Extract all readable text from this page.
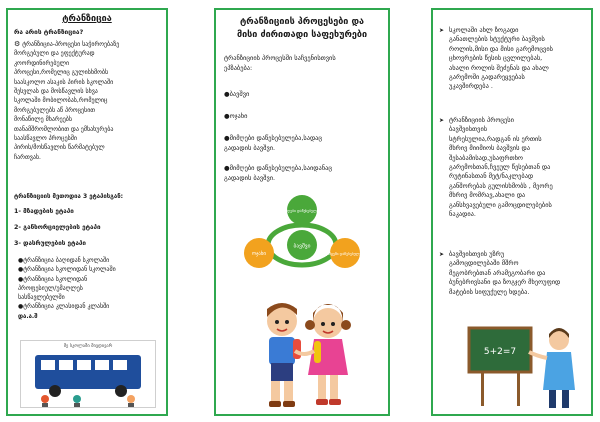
ტრანზიცია
რა არის ტრანზიცია?
⚙ ტრანზიცია-პროცესი საჭიროებაზე
მორგებული და ეფექტურად
კოორდინირებული
პროცესი,რომელიც გულისხმობს
საასკოლო ასაკის პირის სკოლაში
შესვლას და მოსწავლის სხვა
სკოლაში მობილობას,რომელიც
მორგებულებს აწ პროცესით
მონაწილე მხარეებს
თანამშრომლობით და ემსახურება
საასწავლო პროცესში
პირის/მოსწავლის წარმატებულ
ჩართვას.
ტრანზიციის მეთოდია 3 ეტაპისგან:
1- მზადების ეტაპი
2- განხორციელების ეტაპი
3- დასრულების ეტაპი
●ტრანზიცია ბაღიდან სკოლაში
●ტრანზიცია სკოლიდან სკოლაში
●ტრანზიცია სკოლიდან
პროფესიულ/უმაღლეს
სასწავლებელში
●ტრანზიცია კლასიდან კლასში
და.ა.შ
მე სკოლაში მივდივარ
ტრანზიციის პროცესები და
მისი ძირითადი საფეხურები
ტრანზიციის პროცესში საჩვენისთვის
ეპზაბება:
●ბავშვი
●ოჯახი
●მიმღები დაწესებულება,სადაც
გადადის ბავშვი.
●მიმღები დაწესებულება,საიდანაც
გადადის ბავშვი.
ბავშვი
მიმღები დაწესებულება
ოჯახი	გამცემი დაწესებულება
➤ სკოლაში ახლ ზოგადი
განათლების სტუქტური ბავშვის
როლის,მისი და მისი გარემოცვის
ცხოვრების წესის ცვლილებას,
ახალი როლის შეძენას და ახალ
გარემოში გადარეყვებას
უკავშირდება .
➤ ტრანზიციის პროცესი
ბავშვისთვის
სტრესულია,რადგან ის ერთის
მხრივ მიიმიოს ბავშვის და
შესაბამისად,უსაფრთხო
გარემოსთან,ჩვეულ წესებთან და
რუტინასთან მეტ/ნაკლებად
განშორებას გულისხმობს , მეორე
მხრივ მომრავ,ახალი და
განსხვავებული გამოცდილებების
ნაკადია.
➤ ბავშვისთვის უზრუ
გამოცდილებაში მშრო
მეგობრებთან არამეგობარი და
ბუნებრივსანი და ზოგჯერ მხეოუფიდ
მატების სიფუქულე ხდება.
5+2=7
